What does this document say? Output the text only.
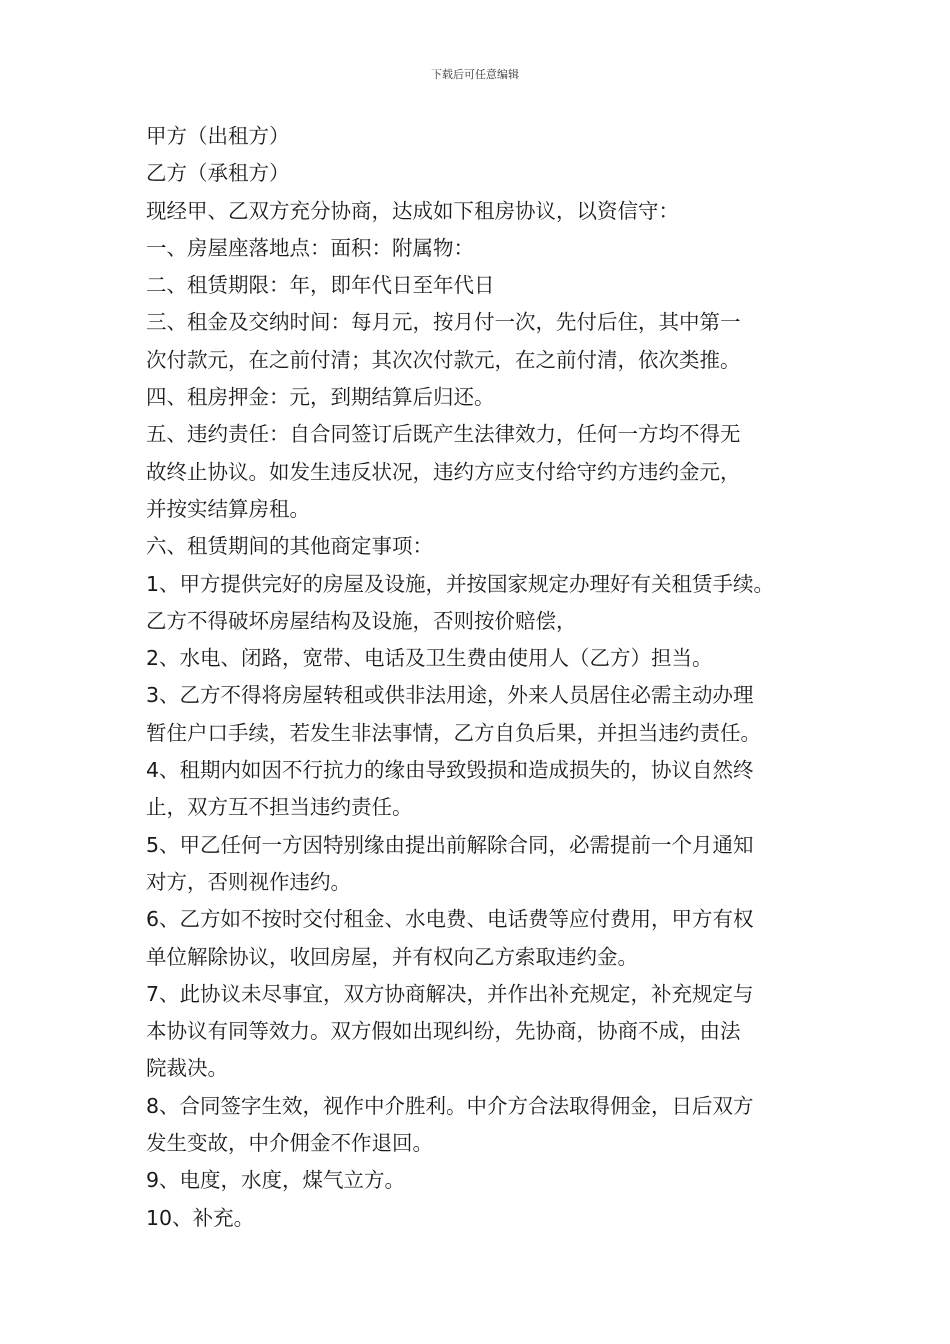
下载后可任意编辑
甲方（出租方）
乙方（承租方）
现经甲、乙双方充分协商，达成如下租房协议，以资信守：
一、房屋座落地点：面积：附属物：
二、租赁期限：年，即年代日至年代日
三、租金及交纳时间：每月元，按月付一次，先付后住，其中第一
次付款元，在之前付清；其次次付款元，在之前付清，依次类推。
四、租房押金：元，到期结算后归还。
五、违约责任：自合同签订后既产生法律效力，任何一方均不得无
故终止协议。如发生违反状况，违约方应支付给守约方违约金元，
并按实结算房租。
六、租赁期间的其他商定事项：
1、甲方提供完好的房屋及设施，并按国家规定办理好有关租赁手续。
乙方不得破坏房屋结构及设施，否则按价赔偿，
2、水电、闭路，宽带、电话及卫生费由使用人（乙方）担当。
3、乙方不得将房屋转租或供非法用途，外来人员居住必需主动办理
暂住户口手续，若发生非法事情，乙方自负后果，并担当违约责任。
4、租期内如因不行抗力的缘由导致毁损和造成损失的，协议自然终
止，双方互不担当违约责任。
5、甲乙任何一方因特别缘由提出前解除合同，必需提前一个月通知
对方，否则视作违约。
6、乙方如不按时交付租金、水电费、电话费等应付费用，甲方有权
单位解除协议，收回房屋，并有权向乙方索取违约金。
7、此协议未尽事宜，双方协商解决，并作出补充规定，补充规定与
本协议有同等效力。双方假如出现纠纷，先协商，协商不成，由法
院裁决。
8、合同签字生效，视作中介胜利。中介方合法取得佣金，日后双方
发生变故，中介佣金不作退回。
9、电度，水度，煤气立方。
10、补充。
